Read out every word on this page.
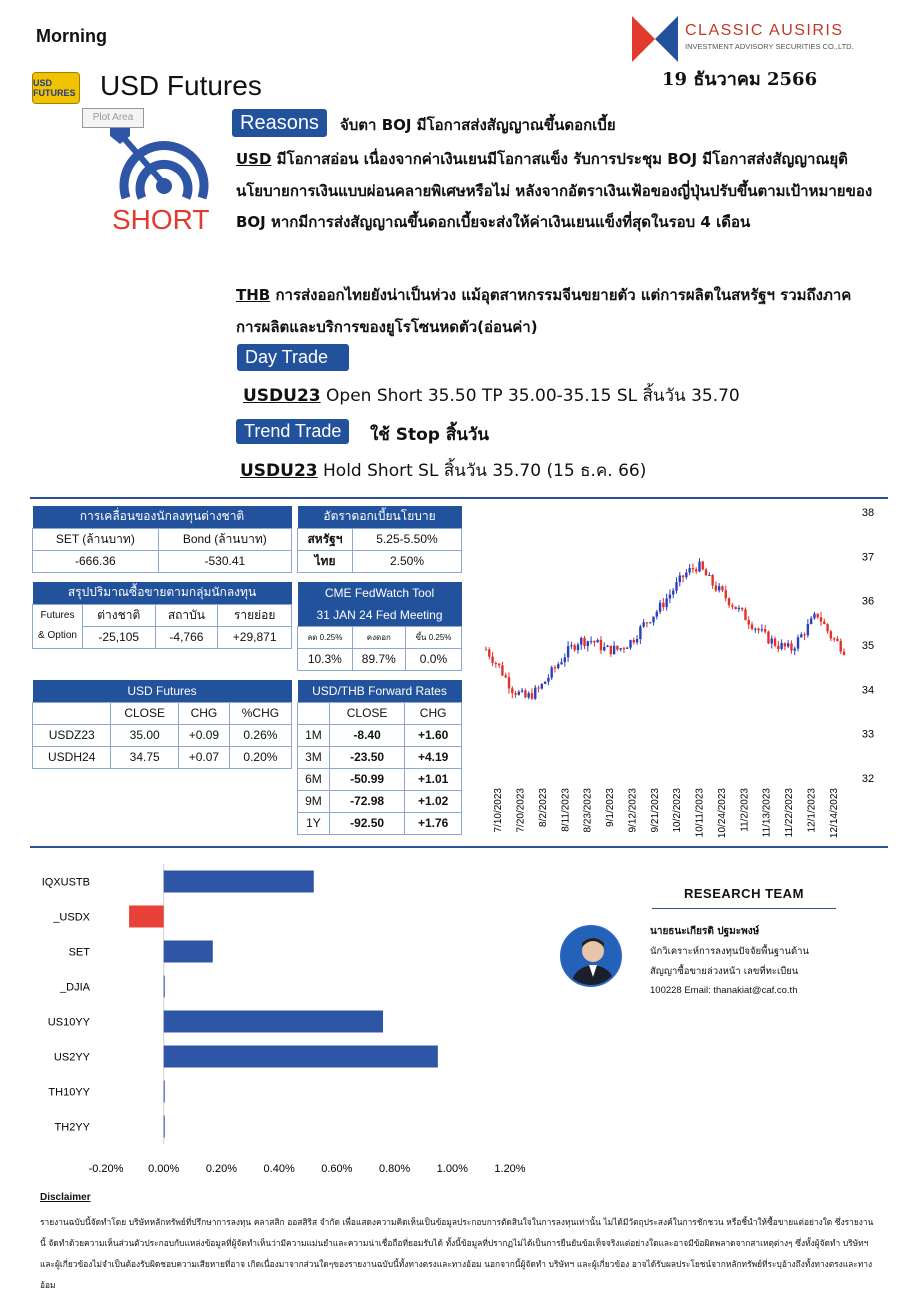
Morning	CLASSIC AUSIRIS
INVESTMENT ADVISORY SECURITIES CO.,LTD.
19 ธันวาคม 2566
USD FUTURES USD Futures
Plot Area
SHORT
Reasons	จับตา BOJ มีโอกาสส่งสัญญาณขึ้นดอกเบี้ย
USD มีโอกาสอ่อน เนื่องจากค่าเงินเยนมีโอกาสแข็ง รับการประชุม BOJ มีโอกาสส่งสัญญาณยุตินโยบายการเงินแบบผ่อนคลายพิเศษหรือไม่ หลังจากอัตราเงินเฟ้อของญี่ปุ่นปรับขึ้นตามเป้าหมายของ BOJ หากมีการส่งสัญญาณขึ้นดอกเบี้ยจะส่งให้ค่าเงินเยนแข็งที่สุดในรอบ 4 เดือน
THB การส่งออกไทยยังน่าเป็นห่วง แม้อุตสาหกรรมจีนขยายตัว แต่การผลิตในสหรัฐฯ รวมถึงภาคการผลิตและบริการของยูโรโซนหดตัว(อ่อนค่า)
Day Trade
USDU23 Open Short 35.50 TP 35.00-35.15 SL สิ้นวัน 35.70
Trend Trade	ใช้ Stop สิ้นวัน
USDU23 Hold Short SL สิ้นวัน 35.70 (15 ธ.ค. 66)
การเคลื่อนของนักลงทุนต่างชาติ	
SET (ล้านบาท)	Bond (ล้านบาท)
-666.36	-530.41
อัตราดอกเบี้ยนโยบาย	
สหรัฐฯ	5.25-5.50%
ไทย	2.50%
สรุปปริมาณซื้อขายตามกลุ่มนักลงทุน			

Futures
& Option	ต่างชาติ	สถาบัน	รายย่อย
	-25,105	-4,766	+29,871
CME FedWatch Tool		
31 JAN 24 Fed Meeting		
ลด 0.25%	คงดอก	ขึ้น 0.25%
10.3%	89.7%	0.0%
USD Futures			
	CLOSE	CHG	%CHG
USDZ23	35.00	+0.09	0.26%
USDH24	34.75	+0.07	0.20%
USD/THB Forward Rates		
	CLOSE	CHG
1M	-8.40	+1.60
3M	-23.50	+4.19
6M	-50.99	+1.01
9M	-72.98	+1.02
1Y	-92.50	+1.76
32
33
34
35
36
37
38
7/10/2023 7/20/2023 8/2/2023 8/11/2023 8/23/2023 9/1/2023 9/12/2023 9/21/2023 10/2/2023 10/11/2023 10/24/2023 11/2/2023 11/13/2023 11/22/2023 12/1/2023 12/14/2023
IQXUSTB
_USDX
SET
_DJIA
US10YY
US2YY
TH10YY
TH2YY
-0.20% 0.00% 0.20% 0.40% 0.60% 0.80% 1.00% 1.20%
RESEARCH TEAM
นายธนะเกียรติ ปฐมะพงษ์
นักวิเคราะห์การลงทุนปัจจัยพื้นฐานด้าน
สัญญาซื้อขายล่วงหน้า เลขที่ทะเบียน
100228 Email: thanakiat@caf.co.th
Disclaimer
รายงานฉบับนี้จัดทำโดย บริษัทหลักทรัพย์ที่ปรึกษาการลงทุน คลาสสิก ออสสิริส จำกัด เพื่อแสดงความคิดเห็นเป็นข้อมูลประกอบการตัดสินใจในการลงทุนเท่านั้น ไม่ได้มีวัตถุประสงค์ในการชักชวน หรือชี้นำให้ซื้อขายแต่อย่างใด ซึ่งรายงานนี้ จัดทำด้วยความเห็นส่วนตัวประกอบกับแหล่งข้อมูลที่ผู้จัดทำเห็นว่ามีความแม่นยำและความน่าเชื่อถือที่ยอมรับได้ ทั้งนี้ข้อมูลที่ปรากฏไม่ได้เป็นการยืนยันข้อเท็จจริงแต่อย่างใดและอาจมีข้อผิดพลาดจากสาเหตุต่างๆ ซึ่งทั้งผู้จัดทำ บริษัทฯ และผู้เกี่ยวข้องไม่จำเป็นต้องรับผิดชอบความเสียหายที่อาจ เกิดเนื่องมาจากส่วนใดๆของรายงานฉบับนี้ทั้งทางตรงและทางอ้อม นอกจากนี้ผู้จัดทำ บริษัทฯ และผู้เกี่ยวข้อง อาจได้รับผลประโยชน์จากหลักทรัพย์ที่ระบุอ้างถึงทั้งทางตรงและทางอ้อม
